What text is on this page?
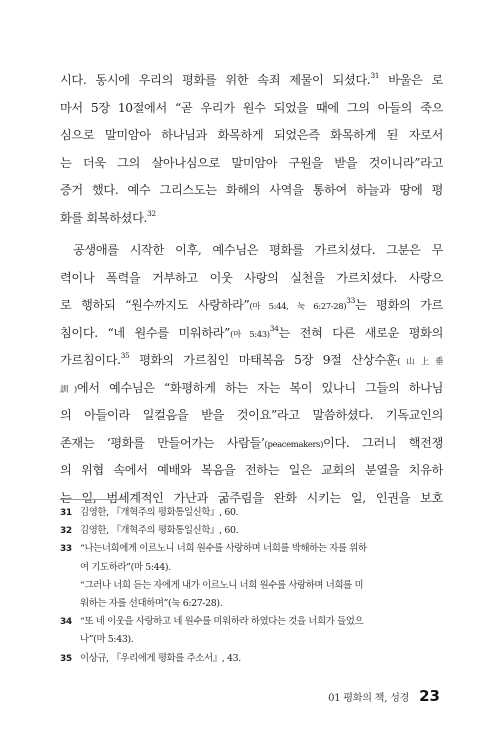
시다. 동시에 우리의 평화를 위한 속죄 제물이 되셨다.$^{31}$ 바울은 로
마서 5장 10절에서 “곧 우리가 원수 되었을 때에 그의 아들의 죽으
심으로 말미암아 하나님과 화목하게 되었은즉 화목하게 된 자로서
는 더욱 그의 살아나심으로 말미암아 구원을 받을 것이니라”라고
증거 했다. 예수 그리스도는 화해의 사역을 통하여 하늘과 땅에 평
화를 회복하셨다.$^{32}$
공생애를 시작한 이후, 예수님은 평화를 가르치셨다. 그분은 무
력이나 폭력을 거부하고 이웃 사랑의 실천을 가르치셨다. 사랑으
로 행하되 “원수까지도 사랑하라”(마 5:44, 눅 6:27-28)$^{33}$는 평화의 가르
침이다. “네 원수를 미워하라”(마 5:43)$^{34}$는 전혀 다른 새로운 평화의
가르침이다.$^{35}$ 평화의 가르침인 마태복음 5장 9절 산상수훈(山上垂
訓)에서 예수님은 “화평하게 하는 자는 복이 있나니 그들의 하나님
의 아들이라 일컬음을 받을 것이요”라고 말씀하셨다. 기독교인의
존재는 ‘평화를 만들어가는 사람들’(peacemakers)이다. 그러니 핵전쟁
의 위협 속에서 예배와 복음을 전하는 일은 교회의 분열을 치유하
는 일, 범세계적인 가난과 굶주림을 완화 시키는 일, 인권을 보호
31 김영한, 『개혁주의 평화통일신학』, 60.
32 김영한, 『개혁주의 평화통일신학』, 60.
33 “나는너희에게 이르노니 너희 원수를 사랑하며 너희를 박해하는 자를 위하
여 기도하라”(마 5:44).
“그러나 너희 듣는 자에게 내가 이르노니 너희 원수를 사랑하며 너희를 미
워하는 자를 선대하며”(눅 6:27-28).
34 “또 네 이웃을 사랑하고 네 원수를 미워하라 하였다는 것을 너희가 들었으
나”(마 5:43).
35 이상규, 『우리에게 평화를 주소서』, 43.
01 평화의 책, 성경 23
